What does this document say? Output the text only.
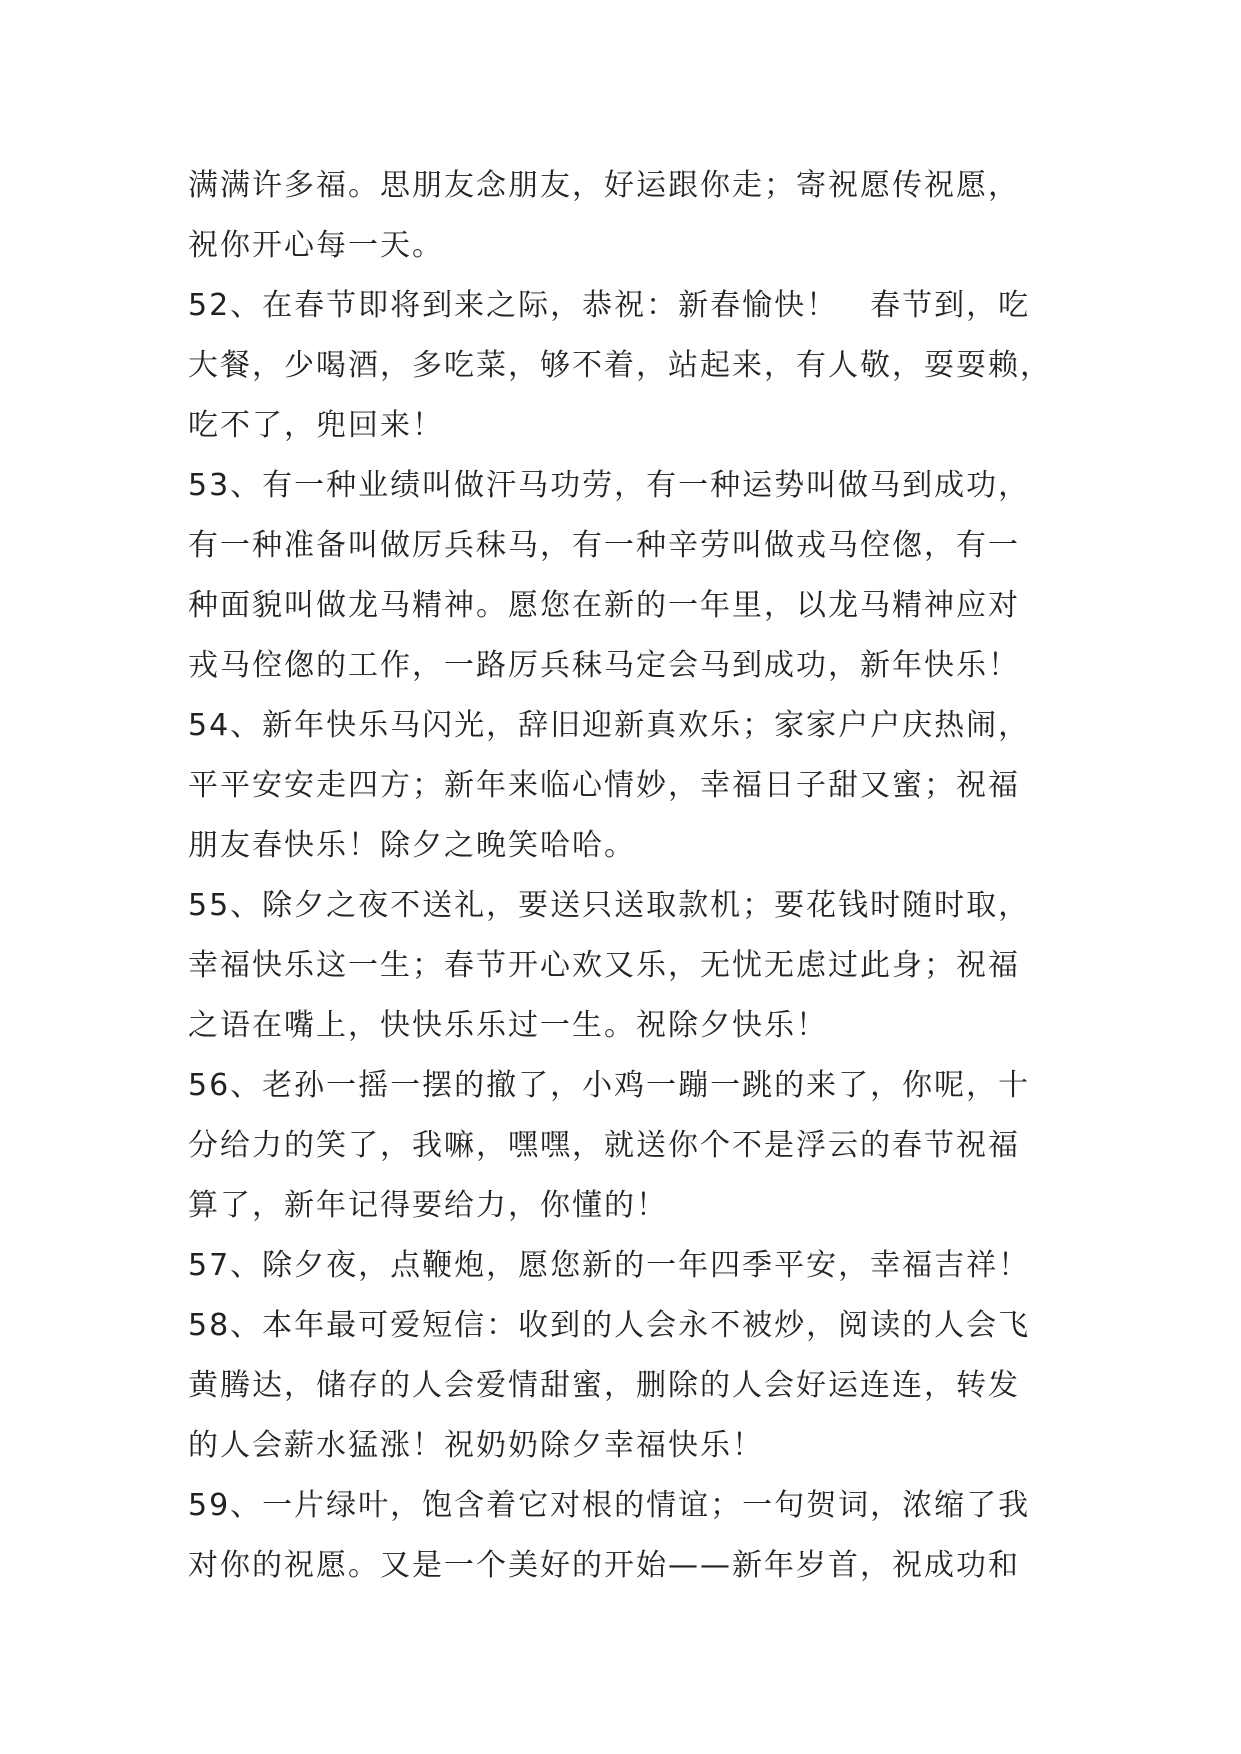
满满许多福。思朋友念朋友，好运跟你走；寄祝愿传祝愿，
祝你开心每一天。
52、在春节即将到来之际，恭祝：新春愉快！　春节到，吃
大餐，少喝酒，多吃菜，够不着，站起来，有人敬，耍耍赖，
吃不了，兜回来！
53、有一种业绩叫做汗马功劳，有一种运势叫做马到成功，
有一种准备叫做厉兵秣马，有一种辛劳叫做戎马倥偬，有一
种面貌叫做龙马精神。愿您在新的一年里，以龙马精神应对
戎马倥偬的工作，一路厉兵秣马定会马到成功，新年快乐！
54、新年快乐马闪光，辞旧迎新真欢乐；家家户户庆热闹，
平平安安走四方；新年来临心情妙，幸福日子甜又蜜；祝福
朋友春快乐！除夕之晚笑哈哈。
55、除夕之夜不送礼，要送只送取款机；要花钱时随时取，
幸福快乐这一生；春节开心欢又乐，无忧无虑过此身；祝福
之语在嘴上，快快乐乐过一生。祝除夕快乐！
56、老孙一摇一摆的撤了，小鸡一蹦一跳的来了，你呢，十
分给力的笑了，我嘛，嘿嘿，就送你个不是浮云的春节祝福
算了，新年记得要给力，你懂的！
57、除夕夜，点鞭炮，愿您新的一年四季平安，幸福吉祥！
58、本年最可爱短信：收到的人会永不被炒，阅读的人会飞
黄腾达，储存的人会爱情甜蜜，删除的人会好运连连，转发
的人会薪水猛涨！祝奶奶除夕幸福快乐！
59、一片绿叶，饱含着它对根的情谊；一句贺词，浓缩了我
对你的祝愿。又是一个美好的开始——新年岁首，祝成功和
